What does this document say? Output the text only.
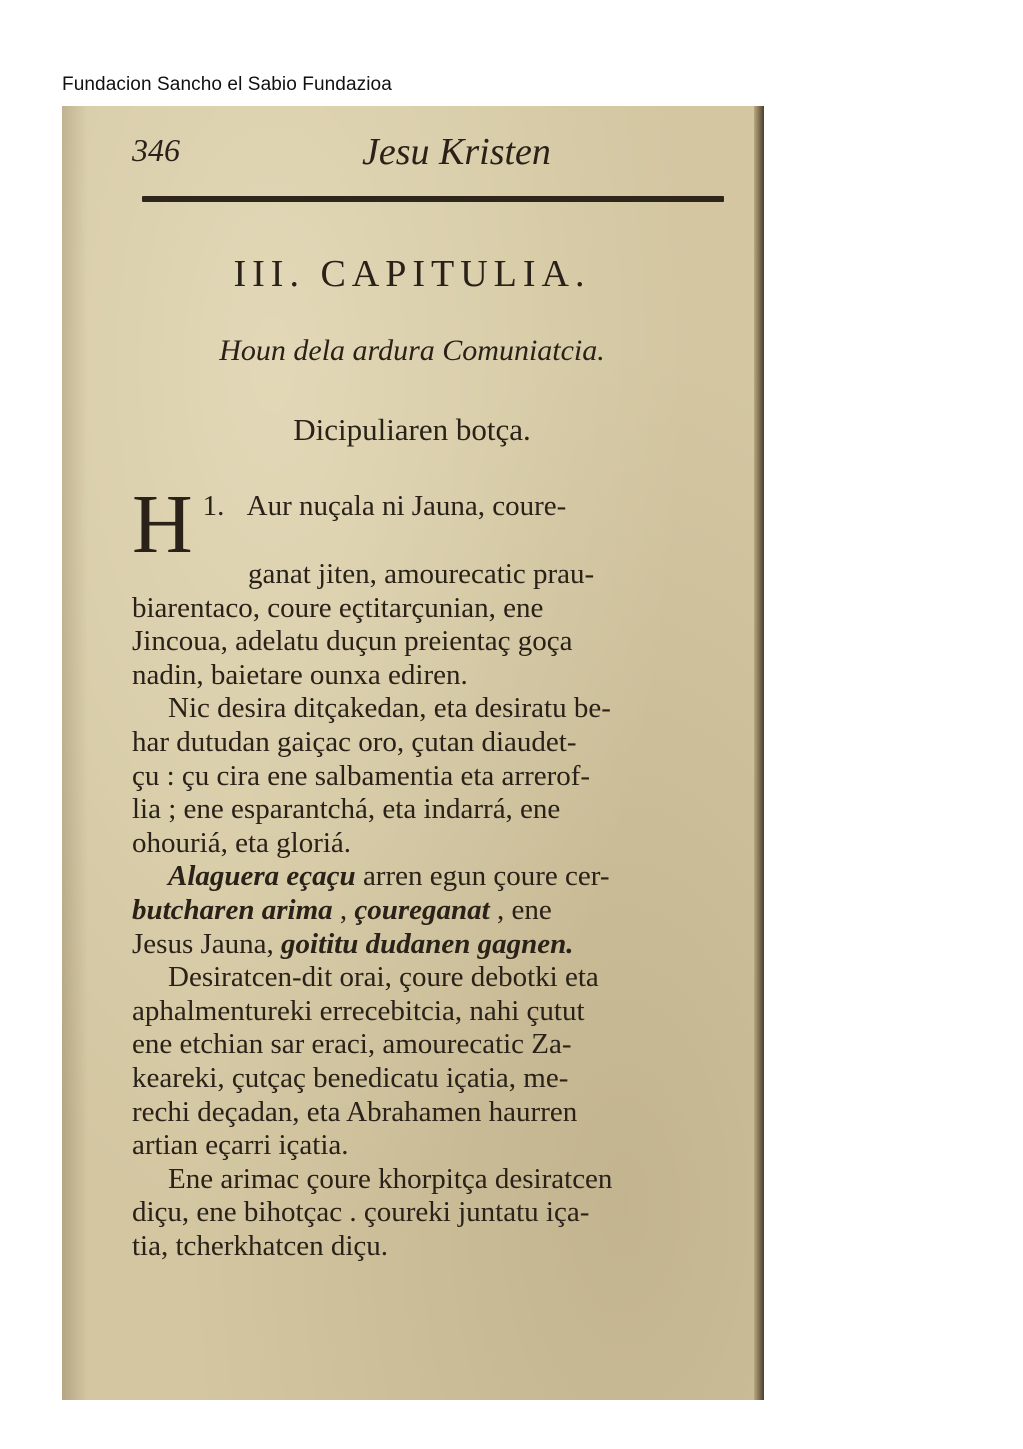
Fundacion Sancho el Sabio Fundazioa
346	Jesu Kristen
III. CAPITULIA.
Houn dela ardura Comuniatcia.
Dicipuliaren botça.
1.
H Aur nuçala ni Jauna, coure-
ganat jiten, amourecatic prau-
biarentaco, coure eçtitarçunian, ene
Jincoua, adelatu duçun preientaç goça
nadin, baietare ounxa ediren.
Nic desira ditçakedan, eta desiratu be-
har dutudan gaiçac oro, çutan diaudet-
çu : çu cira ene salbamentia eta arrerof-
lia ; ene esparantchá, eta indarrá, ene
ohouriá, eta gloriá.
Alaguera eçaçu arren egun çoure cer-
butcharen arima , çoureganat , ene
Jesus Jauna, goititu dudanen gagnen.
Desiratcen-dit orai, çoure debotki eta
aphalmentureki errecebitcia, nahi çutut
ene etchian sar eraci, amourecatic Za-
keareki, çutçaç benedicatu içatia, me-
rechi deçadan, eta Abrahamen haurren
artian eçarri içatia.
Ene arimac çoure khorpitça desiratcen
diçu, ene bihotçac . çoureki juntatu iça-
tia, tcherkhatcen diçu.
